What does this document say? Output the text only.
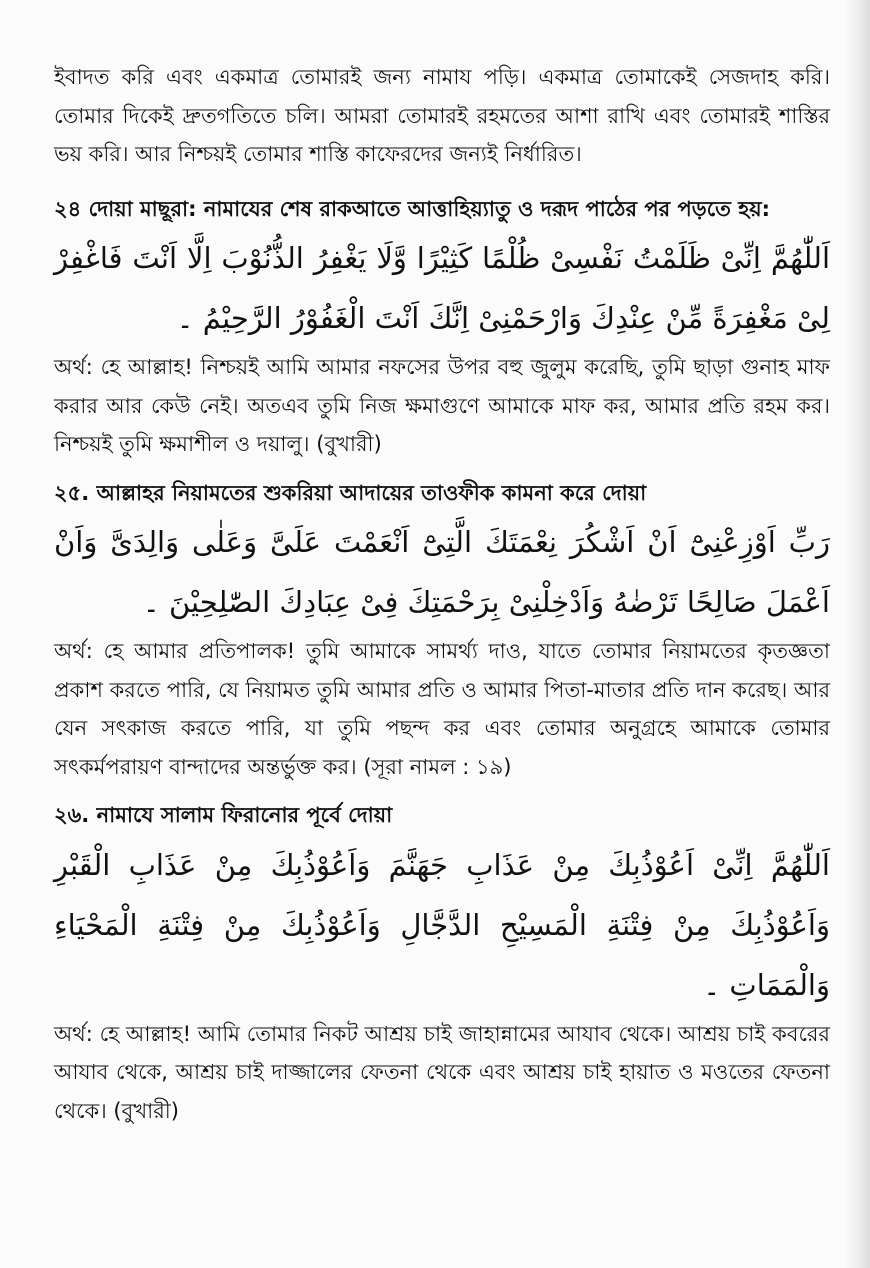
ইবাদত করি এবং একমাত্র তোমারই জন্য নামায পড়ি। একমাত্র তোমাকেই সেজদাহ করি। তোমার দিকেই দ্রুতগতিতে চলি। আমরা তোমারই রহমতের আশা রাখি এবং তোমারই শাস্তির ভয় করি। আর নিশ্চয়ই তোমার শাস্তি কাফেরদের জন্যই নির্ধারিত।

২৪ দোয়া মাছূরা: নামাযের শেষ রাকআতে আত্তাহিয়্যাতু ও দরূদ পাঠের পর পড়তে হয়:

اَللّٰهُمَّ اِنِّىْ ظَلَمْتُ نَفْسِىْ ظُلْمًا كَثِيْرًا وَّلَا يَغْفِرُ الذُّنُوْبَ اِلَّا اَنْتَ فَاغْفِرْ لِىْ مَغْفِرَةً مِّنْ عِنْدِكَ وَارْحَمْنِىْ اِنَّكَ اَنْتَ الْغَفُوْرُ الرَّحِيْمُ ۔

অর্থ: হে আল্লাহ! নিশ্চয়ই আমি আমার নফসের উপর বহু জুলুম করেছি, তুমি ছাড়া গুনাহ মাফ করার আর কেউ নেই। অতএব তুমি নিজ ক্ষমাগুণে আমাকে মাফ কর, আমার প্রতি রহম কর। নিশ্চয়ই তুমি ক্ষমাশীল ও দয়ালু। (বুখারী)

২৫. আল্লাহর নিয়ামতের শুকরিয়া আদায়ের তাওফীক কামনা করে দোয়া

رَبِّ اَوْزِعْنِىْٓ اَنْ اَشْكُرَ نِعْمَتَكَ الَّتِىْٓ اَنْعَمْتَ عَلَىَّ وَعَلٰى وَالِدَىَّ وَاَنْ اَعْمَلَ صَالِحًا تَرْضٰهُ وَاَدْخِلْنِىْ بِرَحْمَتِكَ فِىْ عِبَادِكَ الصّٰلِحِيْنَ ۔

অর্থ: হে আমার প্রতিপালক! তুমি আমাকে সামর্থ্য দাও, যাতে তোমার নিয়ামতের কৃতজ্ঞতা প্রকাশ করতে পারি, যে নিয়ামত তুমি আমার প্রতি ও আমার পিতা-মাতার প্রতি দান করেছ। আর যেন সৎকাজ করতে পারি, যা তুমি পছন্দ কর এবং তোমার অনুগ্রহে আমাকে তোমার সৎকর্মপরায়ণ বান্দাদের অন্তর্ভুক্ত কর। (সূরা নামল : ১৯)

২৬. নামাযে সালাম ফিরানোর পূর্বে দোয়া

اَللّٰهُمَّ اِنِّىْ اَعُوْذُبِكَ مِنْ عَذَابِ جَهَنَّمَ وَاَعُوْذُبِكَ مِنْ عَذَابِ الْقَبْرِ وَاَعُوْذُبِكَ مِنْ فِتْنَةِ الْمَسِيْحِ الدَّجَّالِ وَاَعُوْذُبِكَ مِنْ فِتْنَةِ الْمَحْيَاءِ وَالْمَمَاتِ ۔

অর্থ: হে আল্লাহ! আমি তোমার নিকট আশ্রয় চাই জাহান্নামের আযাব থেকে। আশ্রয় চাই কবরের আযাব থেকে, আশ্রয় চাই দাজ্জালের ফেতনা থেকে এবং আশ্রয় চাই হায়াত ও মওতের ফেতনা থেকে। (বুখারী)
